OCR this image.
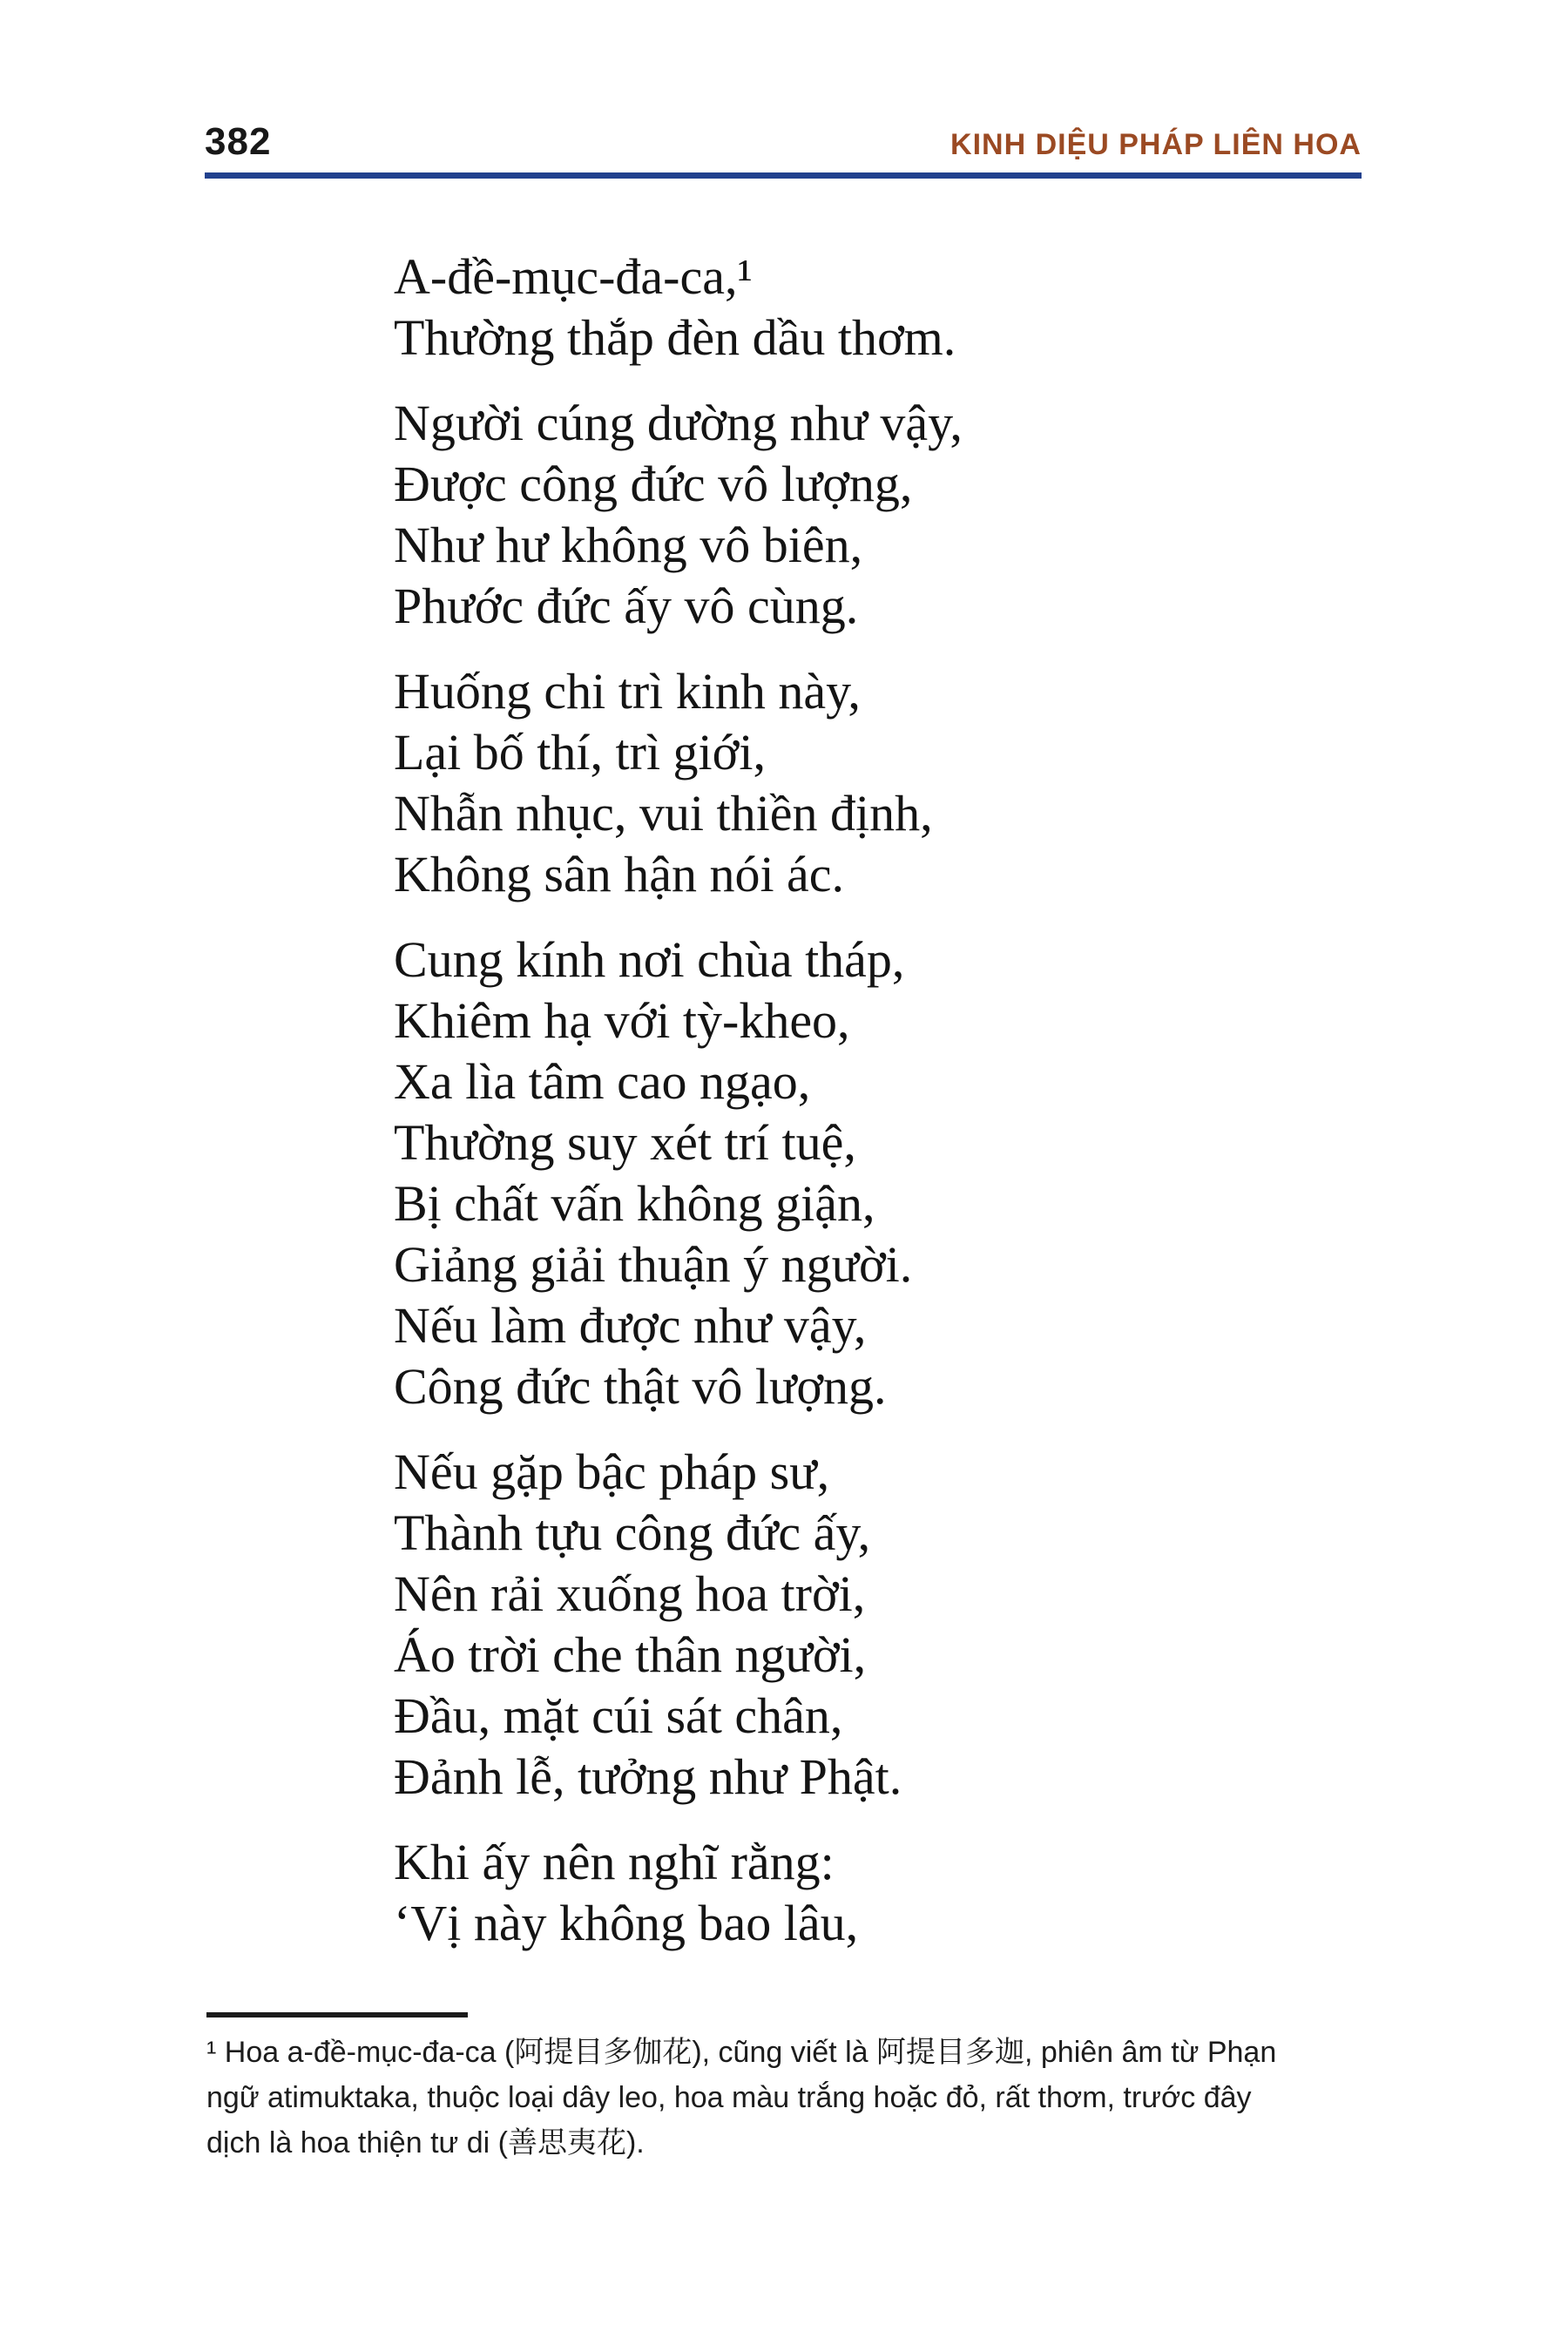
382	KINH DIỆU PHÁP LIÊN HOA
A-đề-mục-đa-ca,¹
Thường thắp đèn dầu thơm.
Người cúng dường như vậy,
Được công đức vô lượng,
Như hư không vô biên,
Phước đức ấy vô cùng.
Huống chi trì kinh này,
Lại bố thí, trì giới,
Nhẫn nhục, vui thiền định,
Không sân hận nói ác.
Cung kính nơi chùa tháp,
Khiêm hạ với tỳ-kheo,
Xa lìa tâm cao ngạo,
Thường suy xét trí tuệ,
Bị chất vấn không giận,
Giảng giải thuận ý người.
Nếu làm được như vậy,
Công đức thật vô lượng.
Nếu gặp bậc pháp sư,
Thành tựu công đức ấy,
Nên rải xuống hoa trời,
Áo trời che thân người,
Đầu, mặt cúi sát chân,
Đảnh lễ, tưởng như Phật.
Khi ấy nên nghĩ rằng:
‘Vị này không bao lâu,
¹ Hoa a-đề-mục-đa-ca (阿提目多伽花), cũng viết là 阿提目多迦, phiên âm từ Phạn
ngữ atimuktaka, thuộc loại dây leo, hoa màu trắng hoặc đỏ, rất thơm, trước đây
dịch là hoa thiện tư di (善思夷花).
